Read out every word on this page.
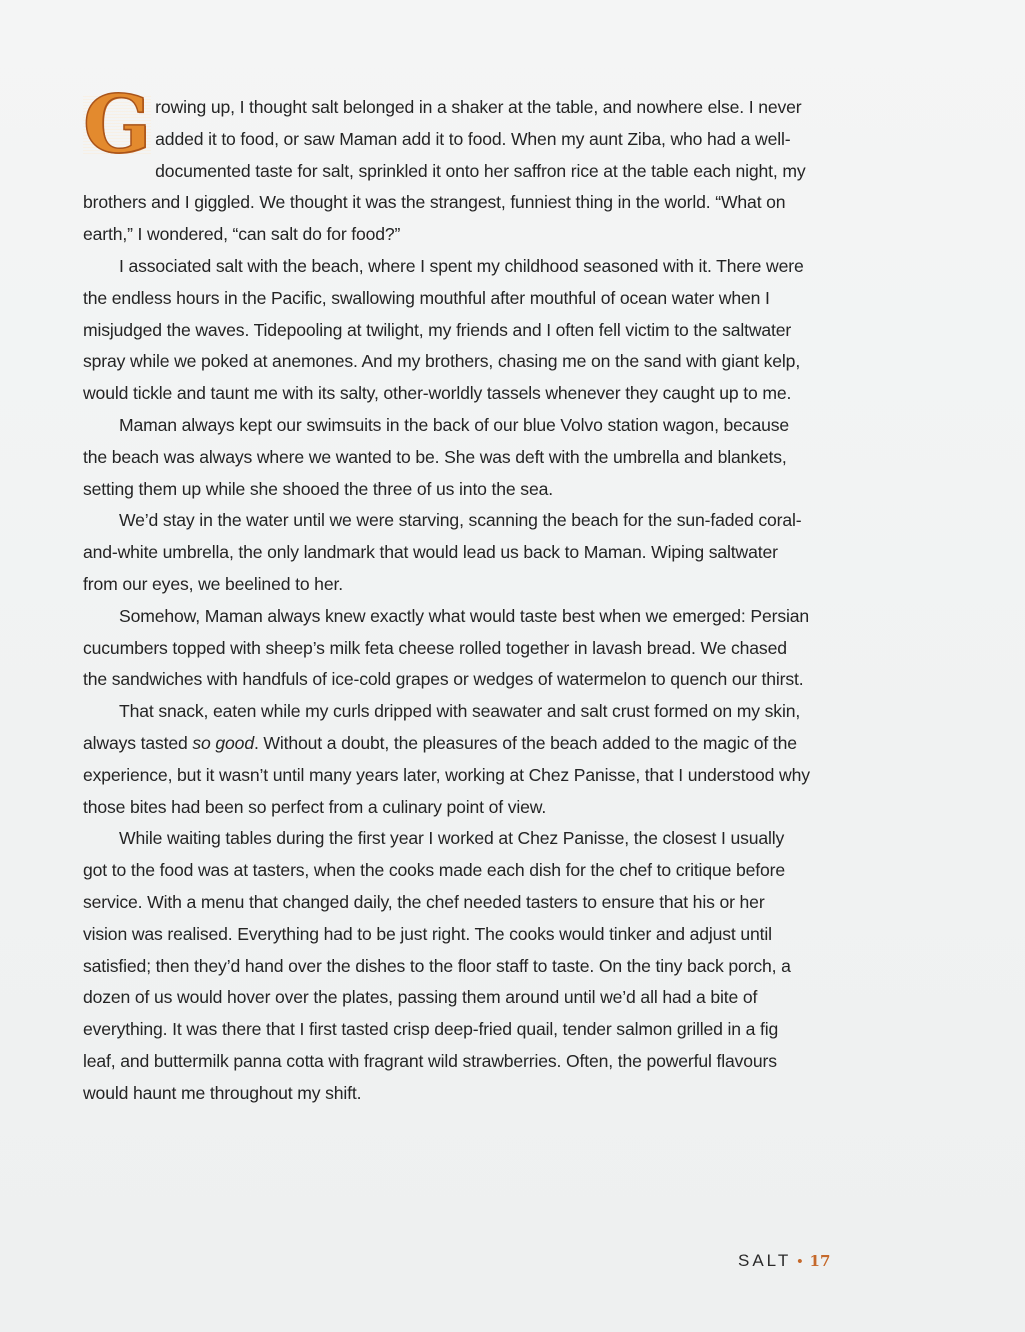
G rowing up, I thought salt belonged in a shaker at the table, and nowhere else. I never added it to food, or saw Maman add it to food. When my aunt Ziba, who had a well-documented taste for salt, sprinkled it onto her saffron rice at the table each night, my brothers and I giggled. We thought it was the strangest, funniest thing in the world. “What on earth,” I wondered, “can salt do for food?”

I associated salt with the beach, where I spent my childhood seasoned with it. There were the endless hours in the Pacific, swallowing mouthful after mouthful of ocean water when I misjudged the waves. Tidepooling at twilight, my friends and I often fell victim to the saltwater spray while we poked at anemones. And my brothers, chasing me on the sand with giant kelp, would tickle and taunt me with its salty, other-worldly tassels whenever they caught up to me.

Maman always kept our swimsuits in the back of our blue Volvo station wagon, because the beach was always where we wanted to be. She was deft with the umbrella and blankets, setting them up while she shooed the three of us into the sea.

We’d stay in the water until we were starving, scanning the beach for the sun-faded coral-and-white umbrella, the only landmark that would lead us back to Maman. Wiping saltwater from our eyes, we beelined to her.

Somehow, Maman always knew exactly what would taste best when we emerged: Persian cucumbers topped with sheep’s milk feta cheese rolled together in lavash bread. We chased the sandwiches with handfuls of ice-cold grapes or wedges of watermelon to quench our thirst.

That snack, eaten while my curls dripped with seawater and salt crust formed on my skin, always tasted so good. Without a doubt, the pleasures of the beach added to the magic of the experience, but it wasn’t until many years later, working at Chez Panisse, that I understood why those bites had been so perfect from a culinary point of view.

While waiting tables during the first year I worked at Chez Panisse, the closest I usually got to the food was at tasters, when the cooks made each dish for the chef to critique before service. With a menu that changed daily, the chef needed tasters to ensure that his or her vision was realised. Everything had to be just right. The cooks would tinker and adjust until satisfied; then they’d hand over the dishes to the floor staff to taste. On the tiny back porch, a dozen of us would hover over the plates, passing them around until we’d all had a bite of everything. It was there that I first tasted crisp deep-fried quail, tender salmon grilled in a fig leaf, and buttermilk panna cotta with fragrant wild strawberries. Often, the powerful flavours would haunt me throughout my shift.

SALT • 17
